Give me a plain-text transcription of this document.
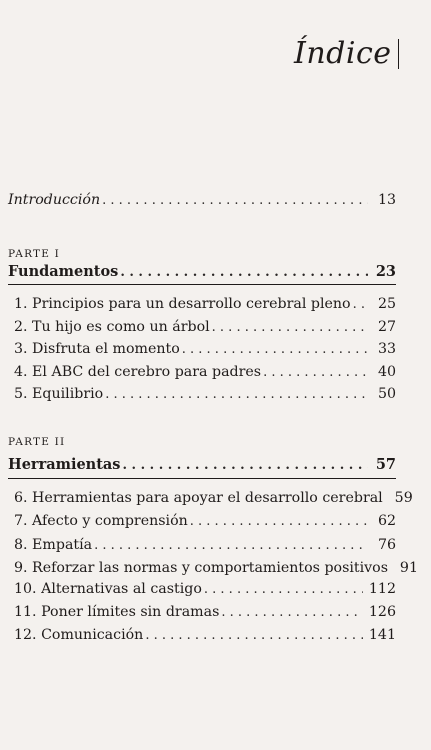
Índice
Introducción . . .	13
PARTE I
Fundamentos . . .	23
1. Principios para un desarrollo cerebral pleno . . . 25
2. Tu hijo es como un árbol . . .	27
3. Disfruta el momento . . .	33
4. El ABC del cerebro para padres . . .	40
5. Equilibrio . . .	50
PARTE II
Herramientas . . .	57
6. Herramientas para apoyar el desarrollo cerebral 59
7. Afecto y comprensión . . .	62
8. Empatía . . .	76
9. Reforzar las normas y comportamientos positivos 91
10. Alternativas al castigo . . .	112
11. Poner límites sin dramas . . .	126
12. Comunicación . . .	141
